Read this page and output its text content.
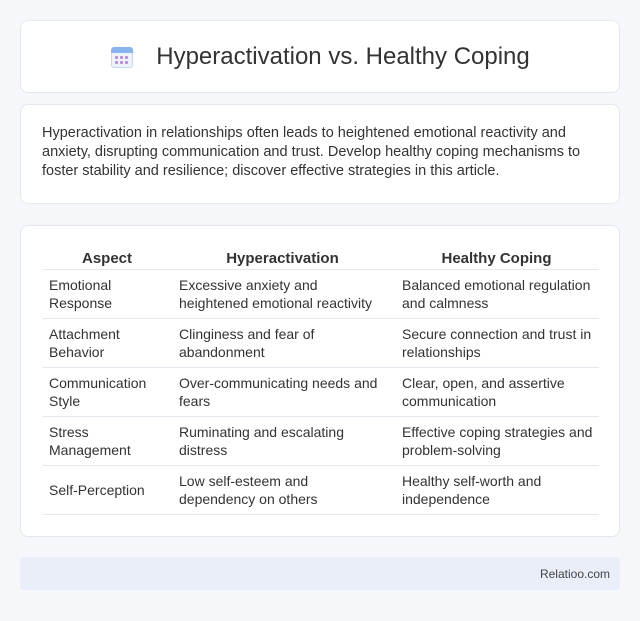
Hyperactivation vs. Healthy Coping

Hyperactivation in relationships often leads to heightened emotional reactivity and anxiety, disrupting communication and trust. Develop healthy coping mechanisms to foster stability and resilience; discover effective strategies in this article.

Aspect	Hyperactivation	Healthy Coping
Emotional Response	Excessive anxiety and heightened emotional reactivity	Balanced emotional regulation and calmness
Attachment Behavior	Clinginess and fear of abandonment	Secure connection and trust in relationships
Communication Style	Over-communicating needs and fears	Clear, open, and assertive communication
Stress Management	Ruminating and escalating distress	Effective coping strategies and problem-solving
Self-Perception	Low self-esteem and dependency on others	Healthy self-worth and independence
Relatioo.com
